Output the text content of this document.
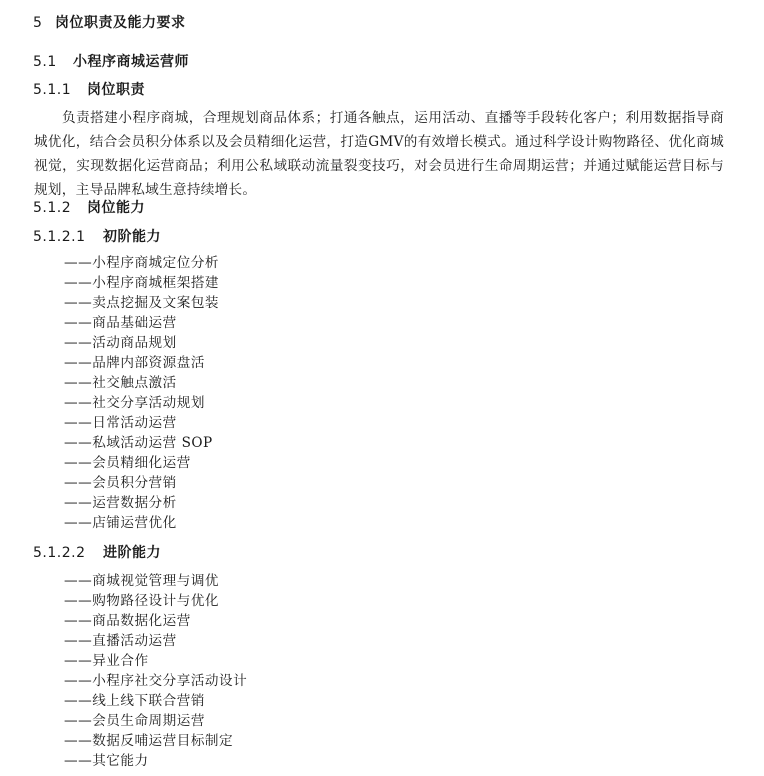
5 岗位职责及能力要求
5.1 小程序商城运营师
5.1.1 岗位职责

负责搭建小程序商城，合理规划商品体系；打通各触点，运用活动、直播等手段转化客户；利用数据指导商城优化，结合会员积分体系以及会员精细化运营，打造GMV的有效增长模式。通过科学设计购物路径、优化商城视觉，实现数据化运营商品；利用公私域联动流量裂变技巧，对会员进行生命周期运营；并通过赋能运营目标与规划，主导品牌私域生意持续增长。

5.1.2 岗位能力
5.1.2.1 初阶能力
——小程序商城定位分析
——小程序商城框架搭建
——卖点挖掘及文案包装
——商品基础运营
——活动商品规划
——品牌内部资源盘活
——社交触点激活
——社交分享活动规划
——日常活动运营
——私域活动运营 SOP
——会员精细化运营
——会员积分营销
——运营数据分析
——店铺运营优化
5.1.2.2 进阶能力
——商城视觉管理与调优
——购物路径设计与优化
——商品数据化运营
——直播活动运营
——异业合作
——小程序社交分享活动设计
——线上线下联合营销
——会员生命周期运营
——数据反哺运营目标制定
——其它能力
